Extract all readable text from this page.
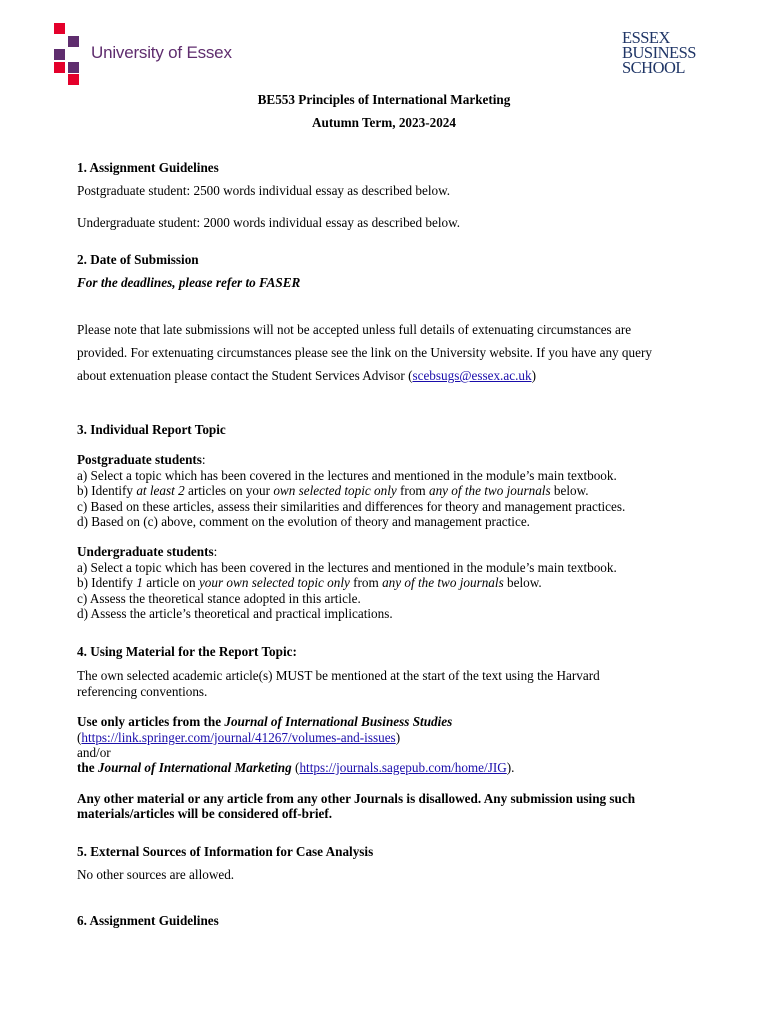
University of Essex
ESSEX
BUSINESS
SCHOOL
BE553 Principles of International Marketing
Autumn Term, 2023-2024
1. Assignment Guidelines
Postgraduate student: 2500 words individual essay as described below.
Undergraduate student: 2000 words individual essay as described below.
2. Date of Submission
For the deadlines, please refer to FASER
Please note that late submissions will not be accepted unless full details of extenuating circumstances are
provided. For extenuating circumstances please see the link on the University website. If you have any query
about extenuation please contact the Student Services Advisor (scebsugs@essex.ac.uk)
3. Individual Report Topic
Postgraduate students:
a) Select a topic which has been covered in the lectures and mentioned in the module’s main textbook.
b) Identify at least 2 articles on your own selected topic only from any of the two journals below.
c) Based on these articles, assess their similarities and differences for theory and management practices.
d) Based on (c) above, comment on the evolution of theory and management practice.
Undergraduate students:
a) Select a topic which has been covered in the lectures and mentioned in the module’s main textbook.
b) Identify 1 article on your own selected topic only from any of the two journals below.
c) Assess the theoretical stance adopted in this article.
d) Assess the article’s theoretical and practical implications.
4. Using Material for the Report Topic:
The own selected academic article(s) MUST be mentioned at the start of the text using the Harvard
referencing conventions.
Use only articles from the Journal of International Business Studies
(https://link.springer.com/journal/41267/volumes-and-issues)
and/or
the Journal of International Marketing (https://journals.sagepub.com/home/JIG).
Any other material or any article from any other Journals is disallowed. Any submission using such
materials/articles will be considered off-brief.
5. External Sources of Information for Case Analysis
No other sources are allowed.
6. Assignment Guidelines
